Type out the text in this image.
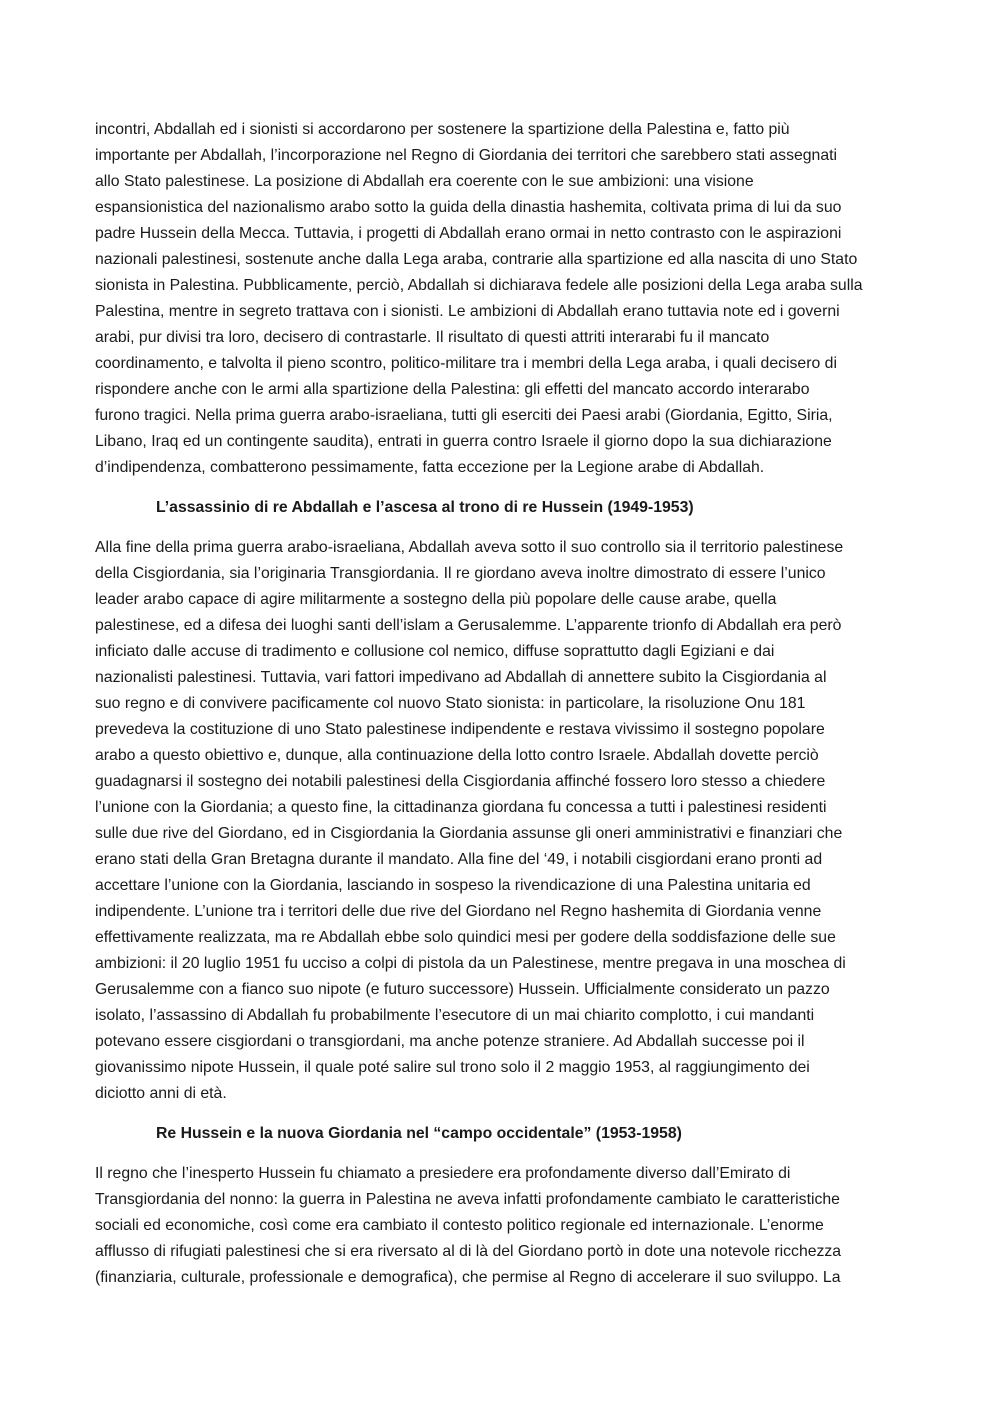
incontri, Abdallah ed i sionisti si accordarono per sostenere la spartizione della Palestina e, fatto più
importante per Abdallah, l’incorporazione nel Regno di Giordania dei territori che sarebbero stati assegnati
allo Stato palestinese. La posizione di Abdallah era coerente con le sue ambizioni: una visione
espansionistica del nazionalismo arabo sotto la guida della dinastia hashemita, coltivata prima di lui da suo
padre Hussein della Mecca. Tuttavia, i progetti di Abdallah erano ormai in netto contrasto con le aspirazioni
nazionali palestinesi, sostenute anche dalla Lega araba, contrarie alla spartizione ed alla nascita di uno Stato
sionista in Palestina. Pubblicamente, perciò, Abdallah si dichiarava fedele alle posizioni della Lega araba sulla
Palestina, mentre in segreto trattava con i sionisti. Le ambizioni di Abdallah erano tuttavia note ed i governi
arabi, pur divisi tra loro, decisero di contrastarle. Il risultato di questi attriti interarabi fu il mancato
coordinamento, e talvolta il pieno scontro, politico-militare tra i membri della Lega araba, i quali decisero di
rispondere anche con le armi alla spartizione della Palestina: gli effetti del mancato accordo interarabo
furono tragici. Nella prima guerra arabo-israeliana, tutti gli eserciti dei Paesi arabi (Giordania, Egitto, Siria,
Libano, Iraq ed un contingente saudita), entrati in guerra contro Israele il giorno dopo la sua dichiarazione
d’indipendenza, combatterono pessimamente, fatta eccezione per la Legione arabe di Abdallah.
L’assassinio di re Abdallah e l’ascesa al trono di re Hussein (1949-1953)
Alla fine della prima guerra arabo-israeliana, Abdallah aveva sotto il suo controllo sia il territorio palestinese
della Cisgiordania, sia l’originaria Transgiordania. Il re giordano aveva inoltre dimostrato di essere l’unico
leader arabo capace di agire militarmente a sostegno della più popolare delle cause arabe, quella
palestinese, ed a difesa dei luoghi santi dell’islam a Gerusalemme. L’apparente trionfo di Abdallah era però
inficiato dalle accuse di tradimento e collusione col nemico, diffuse soprattutto dagli Egiziani e dai
nazionalisti palestinesi. Tuttavia, vari fattori impedivano ad Abdallah di annettere subito la Cisgiordania al
suo regno e di convivere pacificamente col nuovo Stato sionista: in particolare, la risoluzione Onu 181
prevedeva la costituzione di uno Stato palestinese indipendente e restava vivissimo il sostegno popolare
arabo a questo obiettivo e, dunque, alla continuazione della lotto contro Israele. Abdallah dovette perciò
guadagnarsi il sostegno dei notabili palestinesi della Cisgiordania affinché fossero loro stesso a chiedere
l’unione con la Giordania; a questo fine, la cittadinanza giordana fu concessa a tutti i palestinesi residenti
sulle due rive del Giordano, ed in Cisgiordania la Giordania assunse gli oneri amministrativi e finanziari che
erano stati della Gran Bretagna durante il mandato. Alla fine del ‘49, i notabili cisgiordani erano pronti ad
accettare l’unione con la Giordania, lasciando in sospeso la rivendicazione di una Palestina unitaria ed
indipendente. L’unione tra i territori delle due rive del Giordano nel Regno hashemita di Giordania venne
effettivamente realizzata, ma re Abdallah ebbe solo quindici mesi per godere della soddisfazione delle sue
ambizioni: il 20 luglio 1951 fu ucciso a colpi di pistola da un Palestinese, mentre pregava in una moschea di
Gerusalemme con a fianco suo nipote (e futuro successore) Hussein. Ufficialmente considerato un pazzo
isolato, l’assassino di Abdallah fu probabilmente l’esecutore di un mai chiarito complotto, i cui mandanti
potevano essere cisgiordani o transgiordani, ma anche potenze straniere. Ad Abdallah successe poi il
giovanissimo nipote Hussein, il quale poté salire sul trono solo il 2 maggio 1953, al raggiungimento dei
diciotto anni di età.
Re Hussein e la nuova Giordania nel “campo occidentale” (1953-1958)
Il regno che l’inesperto Hussein fu chiamato a presiedere era profondamente diverso dall’Emirato di
Transgiordania del nonno: la guerra in Palestina ne aveva infatti profondamente cambiato le caratteristiche
sociali ed economiche, così come era cambiato il contesto politico regionale ed internazionale. L’enorme
afflusso di rifugiati palestinesi che si era riversato al di là del Giordano portò in dote una notevole ricchezza
(finanziaria, culturale, professionale e demografica), che permise al Regno di accelerare il suo sviluppo. La
